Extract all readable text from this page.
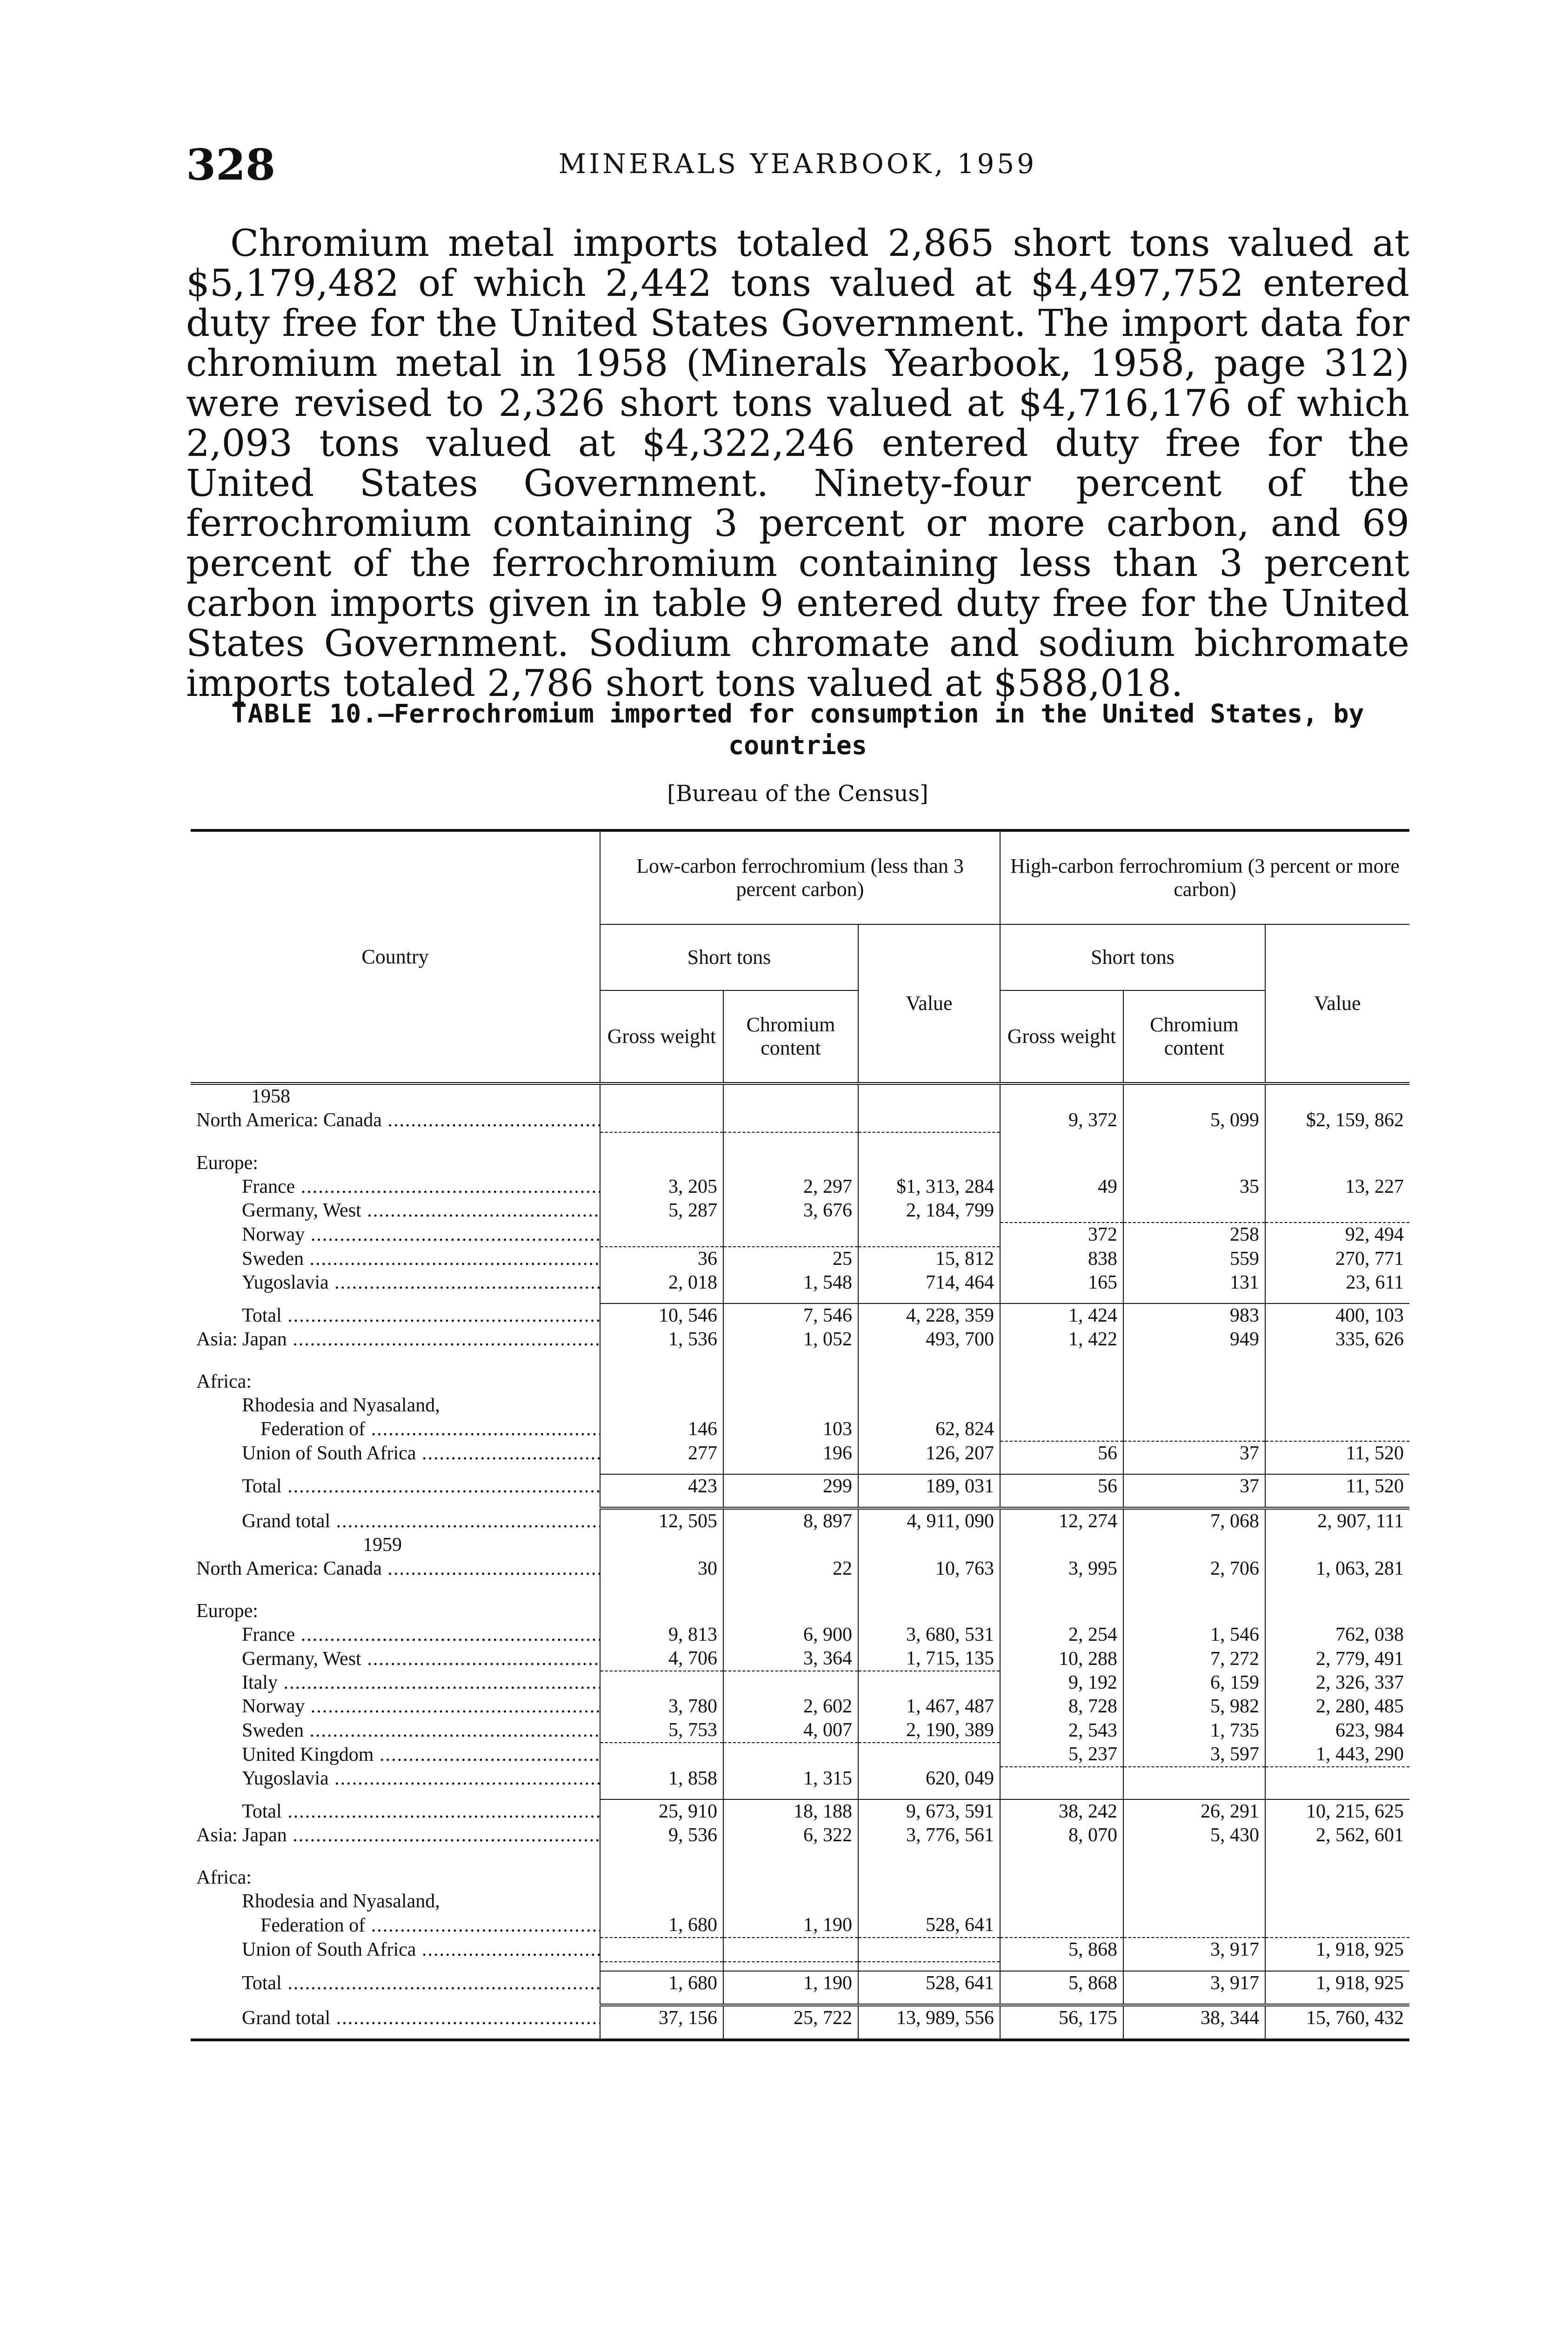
328	MINERALS YEARBOOK, 1959

Chromium metal imports totaled 2,865 short tons valued at $5,179,482 of which 2,442 tons valued at $4,497,752 entered duty free for the United States Government. The import data for chromium metal in 1958 (Minerals Yearbook, 1958, page 312) were revised to 2,326 short tons valued at $4,716,176 of which 2,093 tons valued at $4,322,246 entered duty free for the United States Government. Ninety-four percent of the ferrochromium containing 3 percent or more carbon, and 69 percent of the ferrochromium containing less than 3 percent carbon imports given in table 9 entered duty free for the United States Government. Sodium chromate and sodium bichromate imports totaled 2,786 short tons valued at $588,018.

TABLE 10.—Ferrochromium imported for consumption in the United States, by
countries
[Bureau of the Census]
Country	Low-carbon ferrochromium (less than 3 percent carbon)			High-carbon ferrochromium (3 percent or more carbon)		
	Short tons		Value	Short tons		Value
	Gross weight	Chromium content		Gross weight	Chromium content	
1958						
North America: Canada .....				9, 372	5, 099	$2, 159, 862

Europe:						
France .....	3, 205	2, 297	$1, 313, 284	49	35	13, 227
Germany, West .....	5, 287	3, 676	2, 184, 799			
Norway .....				372	258	92, 494
Sweden .....	36	25	15, 812	838	559	270, 771
Yugoslavia .....	2, 018	1, 548	714, 464	165	131	23, 611

Total .....	10, 546	7, 546	4, 228, 359	1, 424	983	400, 103
Asia: Japan .....	1, 536	1, 052	493, 700	1, 422	949	335, 626

Africa:						
Rhodesia and Nyasaland,						
Federation of .....	146	103	62, 824			
Union of South Africa .....	277	196	126, 207	56	37	11, 520

Total .....	423	299	189, 031	56	37	11, 520

Grand total .....	12, 505	8, 897	4, 911, 090	12, 274	7, 068	2, 907, 111
1959						
North America: Canada .....	30	22	10, 763	3, 995	2, 706	1, 063, 281

Europe:						
France .....	9, 813	6, 900	3, 680, 531	2, 254	1, 546	762, 038
Germany, West .....	4, 706	3, 364	1, 715, 135	10, 288	7, 272	2, 779, 491
Italy .....				9, 192	6, 159	2, 326, 337
Norway .....	3, 780	2, 602	1, 467, 487	8, 728	5, 982	2, 280, 485
Sweden .....	5, 753	4, 007	2, 190, 389	2, 543	1, 735	623, 984
United Kingdom .....				5, 237	3, 597	1, 443, 290
Yugoslavia .....	1, 858	1, 315	620, 049			

Total .....	25, 910	18, 188	9, 673, 591	38, 242	26, 291	10, 215, 625
Asia: Japan .....	9, 536	6, 322	3, 776, 561	8, 070	5, 430	2, 562, 601

Africa:						
Rhodesia and Nyasaland,						
Federation of .....	1, 680	1, 190	528, 641			
Union of South Africa .....				5, 868	3, 917	1, 918, 925

Total .....	1, 680	1, 190	528, 641	5, 868	3, 917	1, 918, 925

Grand total .....	37, 156	25, 722	13, 989, 556	56, 175	38, 344	15, 760, 432
